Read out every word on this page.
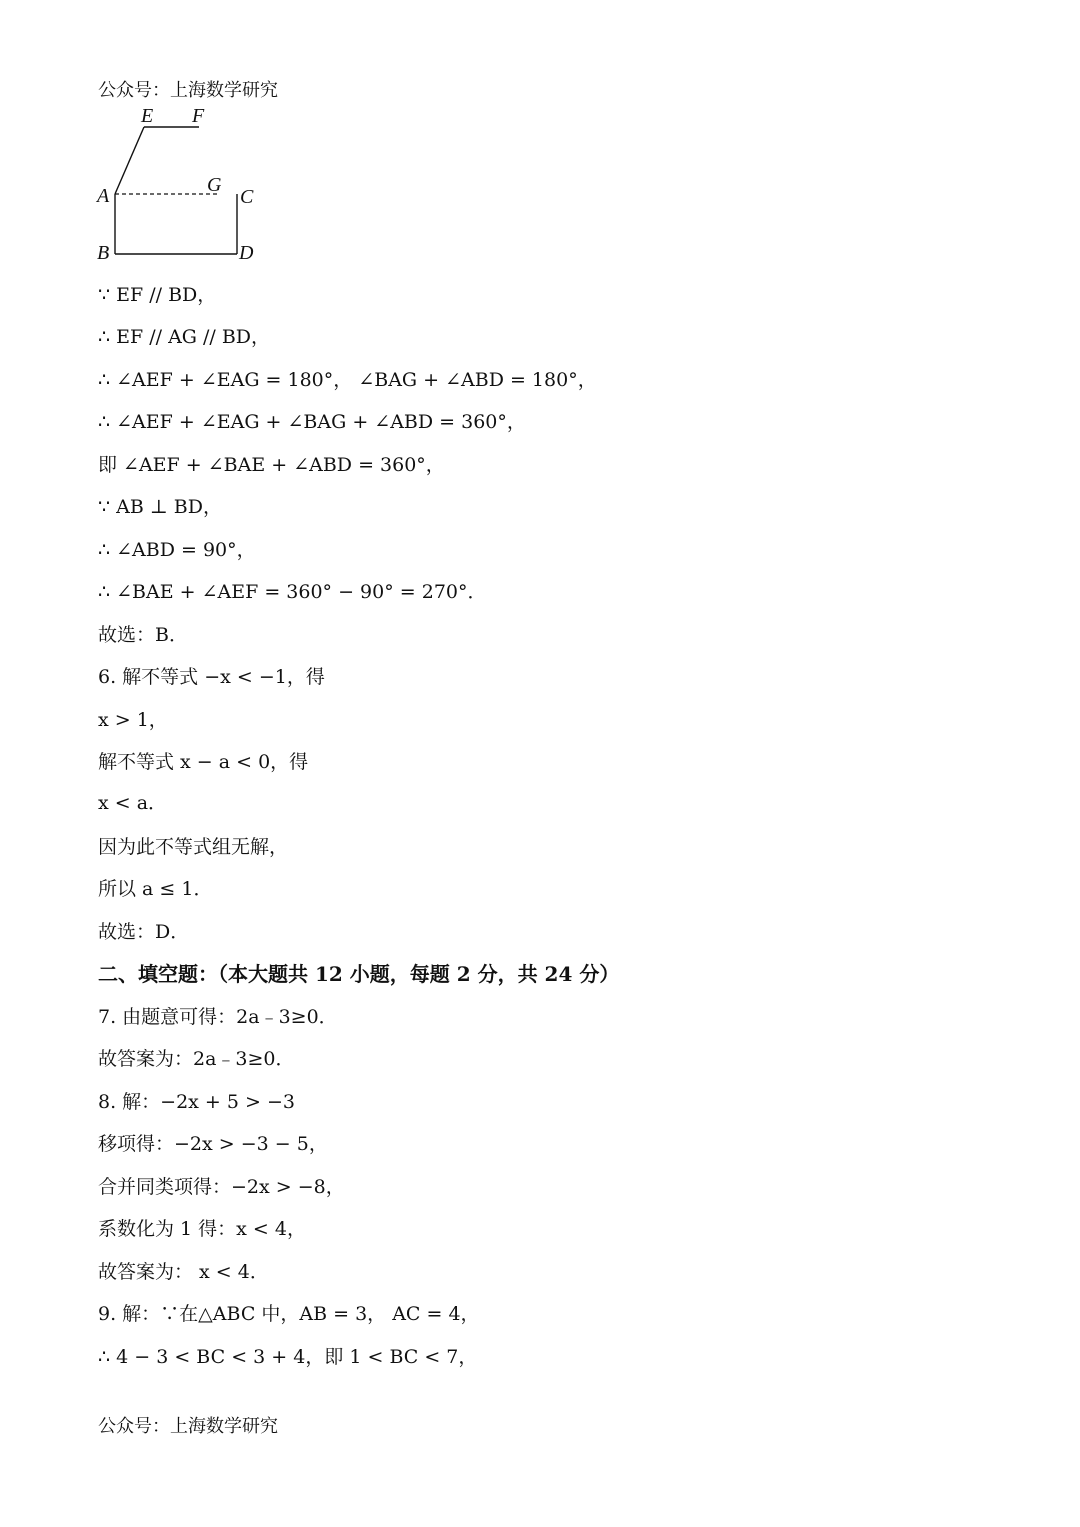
公众号：上海数学研究
E F
A	G
C
B	D
∵ EF // BD，
∴ EF // AG // BD，
∴ ∠AEF + ∠EAG = 180°， ∠BAG + ∠ABD = 180°，
∴ ∠AEF + ∠EAG + ∠BAG + ∠ABD = 360°，
即 ∠AEF + ∠BAE + ∠ABD = 360°，
∵ AB ⊥ BD，
∴ ∠ABD = 90°，
∴ ∠BAE + ∠AEF = 360° − 90° = 270°．
故选：B．
6. 解不等式 −x < −1，得
x > 1，
解不等式 x − a < 0，得
x < a．
因为此不等式组无解，
所以 a ≤ 1．
故选：D．
二、填空题：（本大题共 12 小题，每题 2 分，共 24 分）
7. 由题意可得：2a﹣3≥0．
故答案为：2a﹣3≥0．
8. 解：−2x + 5 > −3
移项得：−2x > −3 − 5，
合并同类项得：−2x > −8，
系数化为 1 得：x < 4，
故答案为： x < 4．
9. 解：∵在△ABC 中，AB = 3， AC = 4，
∴ 4 − 3 < BC < 3 + 4，即 1 < BC < 7，
公众号：上海数学研究
